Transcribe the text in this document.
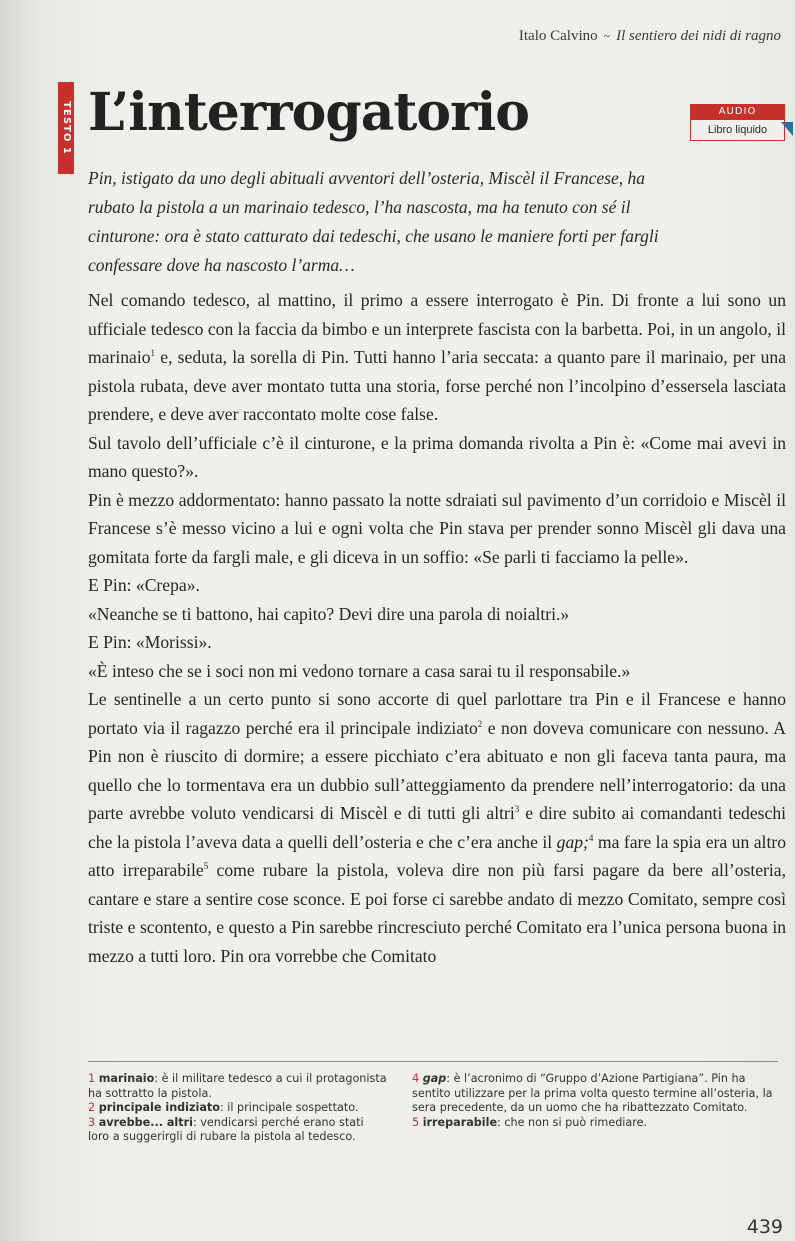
Italo Calvino ~ Il sentiero dei nidi di ragno
TESTO 1 L’interrogatorio	AUDIO
Libro liquido
Pin, istigato da uno degli abituali avventori dell’osteria, Miscèl il Francese, ha rubato la pistola a un marinaio tedesco, l’ha nascosta, ma ha tenuto con sé il cinturone: ora è stato catturato dai tedeschi, che usano le maniere forti per fargli confessare dove ha nascosto l’arma…

Nel comando tedesco, al mattino, il primo a essere interrogato è Pin. Di fronte a lui sono un ufficiale tedesco con la faccia da bimbo e un interprete fascista con la barbetta. Poi, in un angolo, il marinaio$^1$ e, seduta, la sorella di Pin. Tutti hanno l’aria seccata: a quanto pare il marinaio, per una pistola rubata, deve aver montato tutta una storia, forse perché non l’incolpino d’essersela lasciata prendere, e deve aver raccontato molte cose false.

Sul tavolo dell’ufficiale c’è il cinturone, e la prima domanda rivolta a Pin è: «Come mai avevi in mano questo?».

Pin è mezzo addormentato: hanno passato la notte sdraiati sul pavimento d’un corridoio e Miscèl il Francese s’è messo vicino a lui e ogni volta che Pin stava per prender sonno Miscèl gli dava una gomitata forte da fargli male, e gli diceva in un soffio: «Se parli ti facciamo la pelle».

E Pin: «Crepa».

«Neanche se ti battono, hai capito? Devi dire una parola di noialtri.»

E Pin: «Morissi».

«È inteso che se i soci non mi vedono tornare a casa sarai tu il responsabile.»

Le sentinelle a un certo punto si sono accorte di quel parlottare tra Pin e il Francese e hanno portato via il ragazzo perché era il principale indiziato$^2$ e non doveva comunicare con nessuno. A Pin non è riuscito di dormire; a essere picchiato c’era abituato e non gli faceva tanta paura, ma quello che lo tormentava era un dubbio sull’atteggiamento da prendere nell’interrogatorio: da una parte avrebbe voluto vendicarsi di Miscèl e di tutti gli altri$^3$ e dire subito ai comandanti tedeschi che la pistola l’aveva data a quelli dell’osteria e che c’era anche il gap;$^4$ ma fare la spia era un altro atto irreparabile$^5$ come rubare la pistola, voleva dire non più farsi pagare da bere all’osteria, cantare e stare a sentire cose sconce. E poi forse ci sarebbe andato di mezzo Comitato, sempre così triste e scontento, e questo a Pin sarebbe rincresciuto perché Comitato era l’unica persona buona in mezzo a tutti loro. Pin ora vorrebbe che Comitato

1 marinaio: è il militare tedesco a cui il protagonista ha sottratto la pistola.

2 principale indiziato: il principale sospettato.

3 avrebbe... altri: vendicarsi perché erano stati loro a suggerirgli di rubare la pistola al tedesco.

4 gap: è l’acronimo di “Gruppo d’Azione Partigiana”. Pin ha sentito utilizzare per la prima volta questo termine all’osteria, la sera precedente, da un uomo che ha ribattezzato Comitato.

5 irreparabile: che non si può rimediare.

439
